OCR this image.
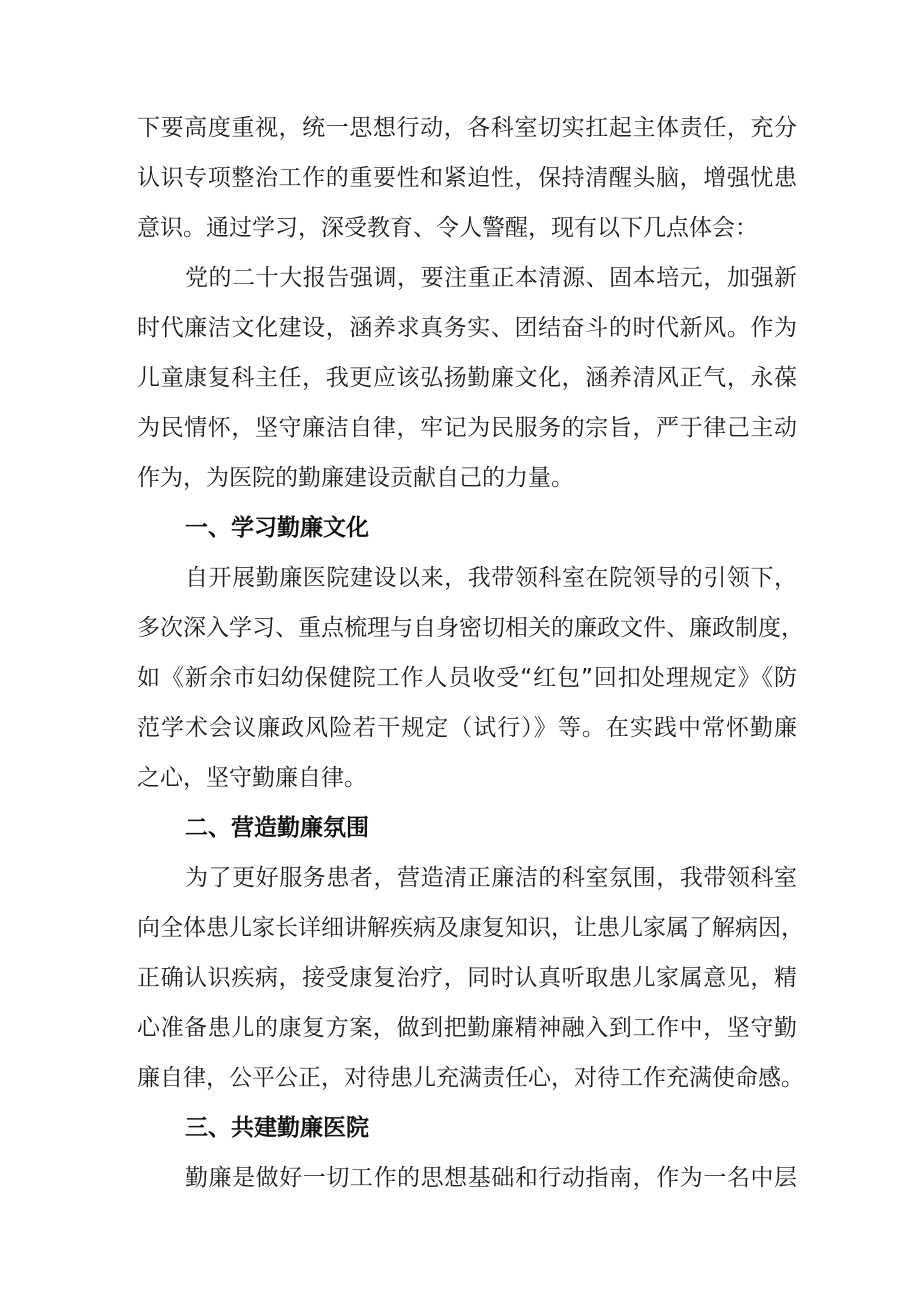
下要高度重视，统一思想行动，各科室切实扛起主体责任，充分
认识专项整治工作的重要性和紧迫性，保持清醒头脑，增强忧患
意识。通过学习，深受教育、令人警醒，现有以下几点体会：
党的二十大报告强调，要注重正本清源、固本培元，加强新
时代廉洁文化建设，涵养求真务实、团结奋斗的时代新风。作为
儿童康复科主任，我更应该弘扬勤廉文化，涵养清风正气，永葆
为民情怀，坚守廉洁自律，牢记为民服务的宗旨，严于律己主动
作为，为医院的勤廉建设贡献自己的力量。
一、学习勤廉文化
自开展勤廉医院建设以来，我带领科室在院领导的引领下，
多次深入学习、重点梳理与自身密切相关的廉政文件、廉政制度，
如《新余市妇幼保健院工作人员收受“红包”回扣处理规定》《防
范学术会议廉政风险若干规定（试行）》等。在实践中常怀勤廉
之心，坚守勤廉自律。
二、营造勤廉氛围
为了更好服务患者，营造清正廉洁的科室氛围，我带领科室
向全体患儿家长详细讲解疾病及康复知识，让患儿家属了解病因，
正确认识疾病，接受康复治疗，同时认真听取患儿家属意见，精
心准备患儿的康复方案，做到把勤廉精神融入到工作中，坚守勤
廉自律，公平公正，对待患儿充满责任心，对待工作充满使命感。
三、共建勤廉医院
勤廉是做好一切工作的思想基础和行动指南，作为一名中层
